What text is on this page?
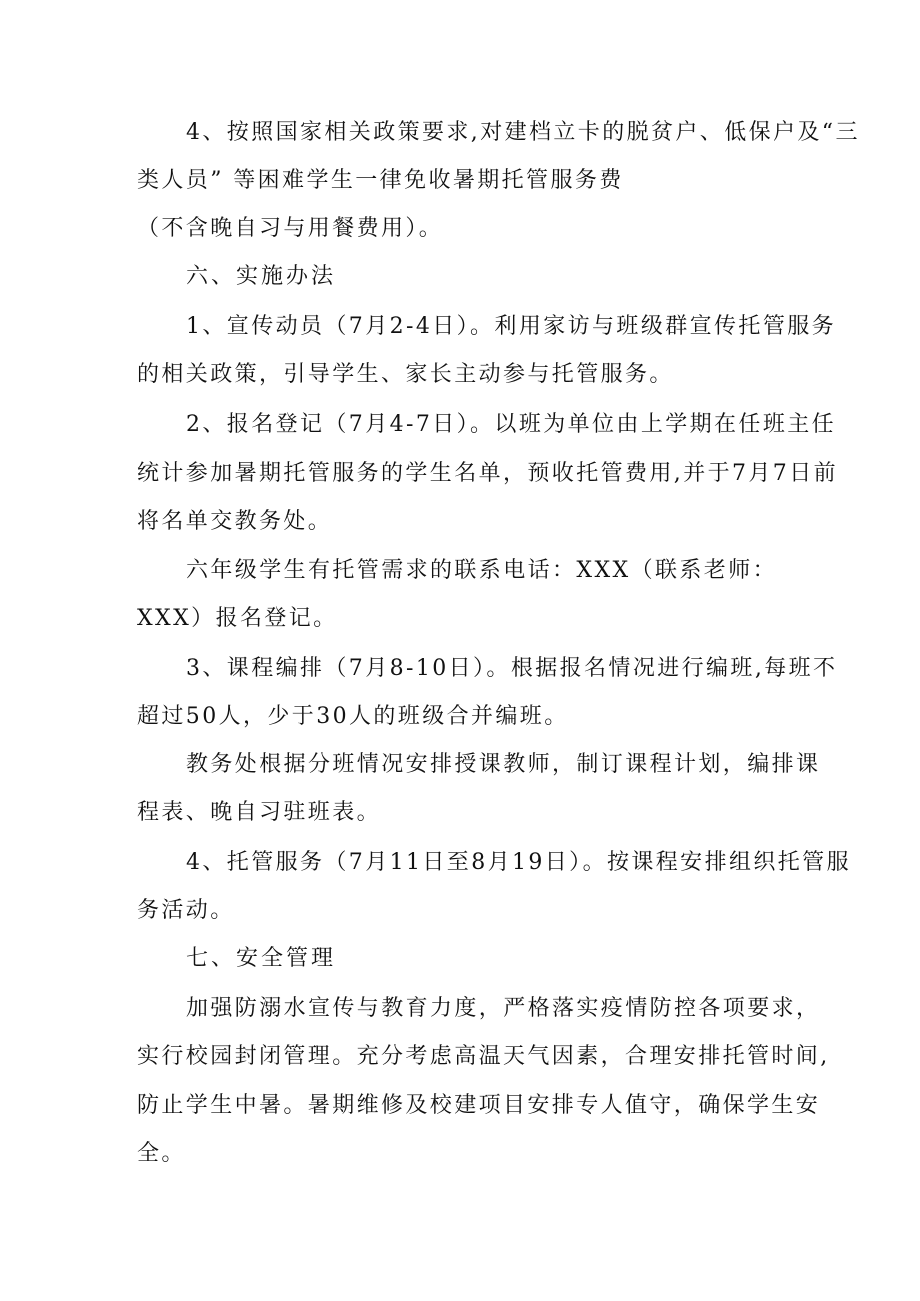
4、按照国家相关政策要求,对建档立卡的脱贫户、低保户及“三
类人员” 等困难学生一律免收暑期托管服务费
（不含晚自习与用餐费用）。
六、实施办法
1、宣传动员（7月2-4日）。利用家访与班级群宣传托管服务
的相关政策，引导学生、家长主动参与托管服务。
2、报名登记（7月4-7日）。以班为单位由上学期在任班主任
统计参加暑期托管服务的学生名单，预收托管费用,并于7月7日前
将名单交教务处。
六年级学生有托管需求的联系电话：XXX（联系老师：
XXX）报名登记。
3、课程编排（7月8-10日）。根据报名情况进行编班,每班不
超过50人，少于30人的班级合并编班。
教务处根据分班情况安排授课教师，制订课程计划，编排课
程表、晚自习驻班表。
4、托管服务（7月11日至8月19日）。按课程安排组织托管服
务活动。
七、安全管理
加强防溺水宣传与教育力度，严格落实疫情防控各项要求，
实行校园封闭管理。充分考虑高温天气因素，合理安排托管时间,
防止学生中暑。暑期维修及校建项目安排专人值守，确保学生安
全。
